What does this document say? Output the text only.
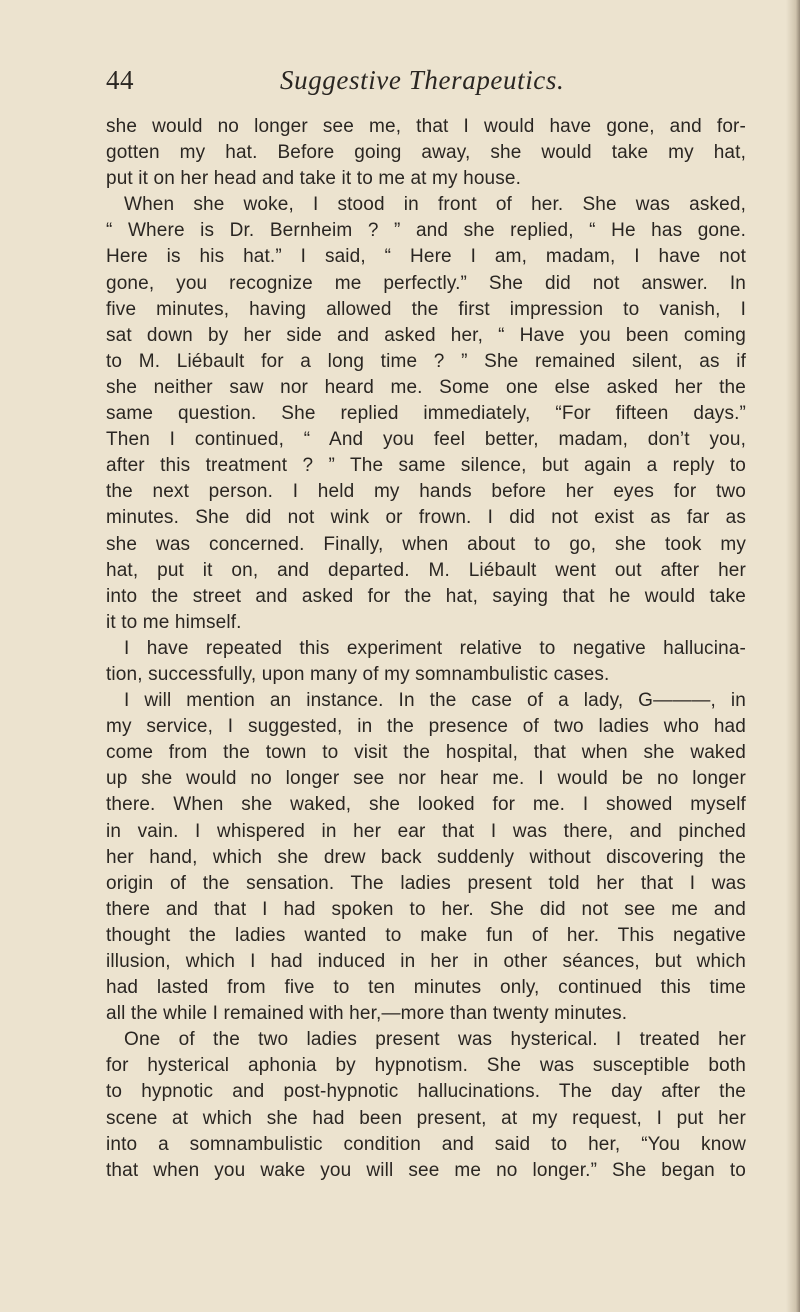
44	Suggestive Therapeutics.

she would no longer see me, that I would have gone, and for-

gotten my hat. Before going away, she would take my hat,

put it on her head and take it to me at my house.

When she woke, I stood in front of her. She was asked,

“ Where is Dr. Bernheim ? ” and she replied, “ He has gone.

Here is his hat.” I said, “ Here I am, madam, I have not

gone, you recognize me perfectly.” She did not answer. In

five minutes, having allowed the first impression to vanish, I

sat down by her side and asked her, “ Have you been coming

to M. Liébault for a long time ? ” She remained silent, as if

she neither saw nor heard me. Some one else asked her the

same question. She replied immediately, “For fifteen days.”

Then I continued, “ And you feel better, madam, don’t you,

after this treatment ? ” The same silence, but again a reply to

the next person. I held my hands before her eyes for two

minutes. She did not wink or frown. I did not exist as far as

she was concerned. Finally, when about to go, she took my

hat, put it on, and departed. M. Liébault went out after her

into the street and asked for the hat, saying that he would take

it to me himself.

I have repeated this experiment relative to negative hallucina-

tion, successfully, upon many of my somnambulistic cases.

I will mention an instance. In the case of a lady, G———, in

my service, I suggested, in the presence of two ladies who had

come from the town to visit the hospital, that when she waked

up she would no longer see nor hear me. I would be no longer

there. When she waked, she looked for me. I showed myself

in vain. I whispered in her ear that I was there, and pinched

her hand, which she drew back suddenly without discovering the

origin of the sensation. The ladies present told her that I was

there and that I had spoken to her. She did not see me and

thought the ladies wanted to make fun of her. This negative

illusion, which I had induced in her in other séances, but which

had lasted from five to ten minutes only, continued this time

all the while I remained with her,—more than twenty minutes.

One of the two ladies present was hysterical. I treated her

for hysterical aphonia by hypnotism. She was susceptible both

to hypnotic and post-hypnotic hallucinations. The day after the

scene at which she had been present, at my request, I put her

into a somnambulistic condition and said to her, “You know

that when you wake you will see me no longer.” She began to
